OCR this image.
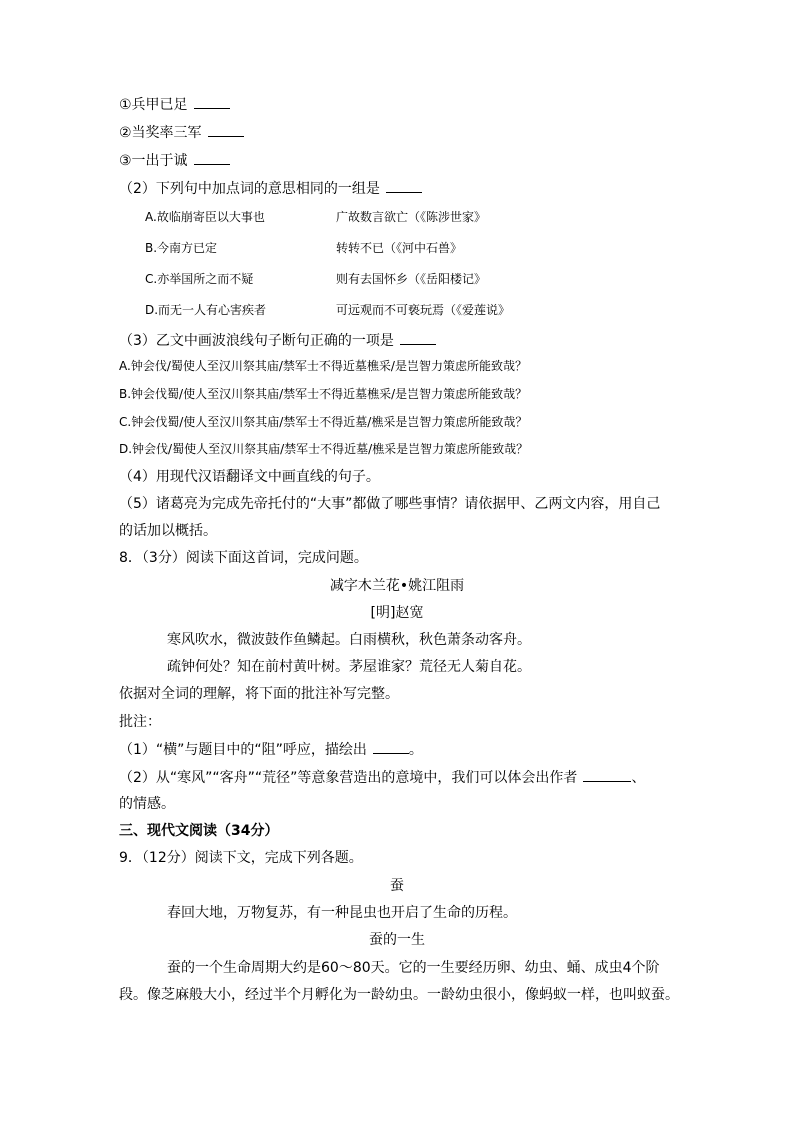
①兵甲已足
②当奖率三军
③一出于诚
（2）下列句中加点词的意思相同的一组是
A.故临崩寄臣以大事也	广故数言欲亡（《陈涉世家》
B.今南方已定	转转不已（《河中石兽》
C.亦举国所之而不疑	则有去国怀乡（《岳阳楼记》
D.而无一人有心害疾者	可远观而不可亵玩焉（《爱莲说》
（3）乙文中画波浪线句子断句正确的一项是
A.钟会伐/蜀使人至汉川祭其庙/禁军士不得近墓樵采/是岂智力策虑所能致哉？
B.钟会伐蜀/使人至汉川祭其庙/禁军士不得近墓樵采/是岂智力策虑所能致哉？
C.钟会伐蜀/使人至汉川祭其庙/禁军士不得近墓/樵采是岂智力策虑所能致哉？
D.钟会伐/蜀使人至汉川祭其庙/禁军士不得近墓/樵采是岂智力策虑所能致哉？
（4）用现代汉语翻译文中画直线的句子。
（5）诸葛亮为完成先帝托付的“大事”都做了哪些事情？请依据甲、乙两文内容，用自己
的话加以概括。
8．（3分）阅读下面这首词，完成问题。
减字木兰花•姚江阻雨
[明]赵宽
寒风吹水，微波鼓作鱼鳞起。白雨横秋，秋色萧条动客舟。
疏钟何处？知在前村黄叶树。茅屋谁家？荒径无人菊自花。
依据对全词的理解，将下面的批注补写完整。
批注：
（1）“横”与题目中的“阻”呼应，描绘出	。
（2）从“寒风”“客舟”“荒径”等意象营造出的意境中，我们可以体会出作者	、
的情感。
三、现代文阅读（34分）
9．（12分）阅读下文，完成下列各题。
蚕
春回大地，万物复苏，有一种昆虫也开启了生命的历程。
蚕的一生
蚕的一个生命周期大约是60～80天。它的一生要经历卵、幼虫、蛹、成虫4个阶
段。像芝麻般大小，经过半个月孵化为一龄幼虫。一龄幼虫很小，像蚂蚁一样，也叫蚁蚕。
